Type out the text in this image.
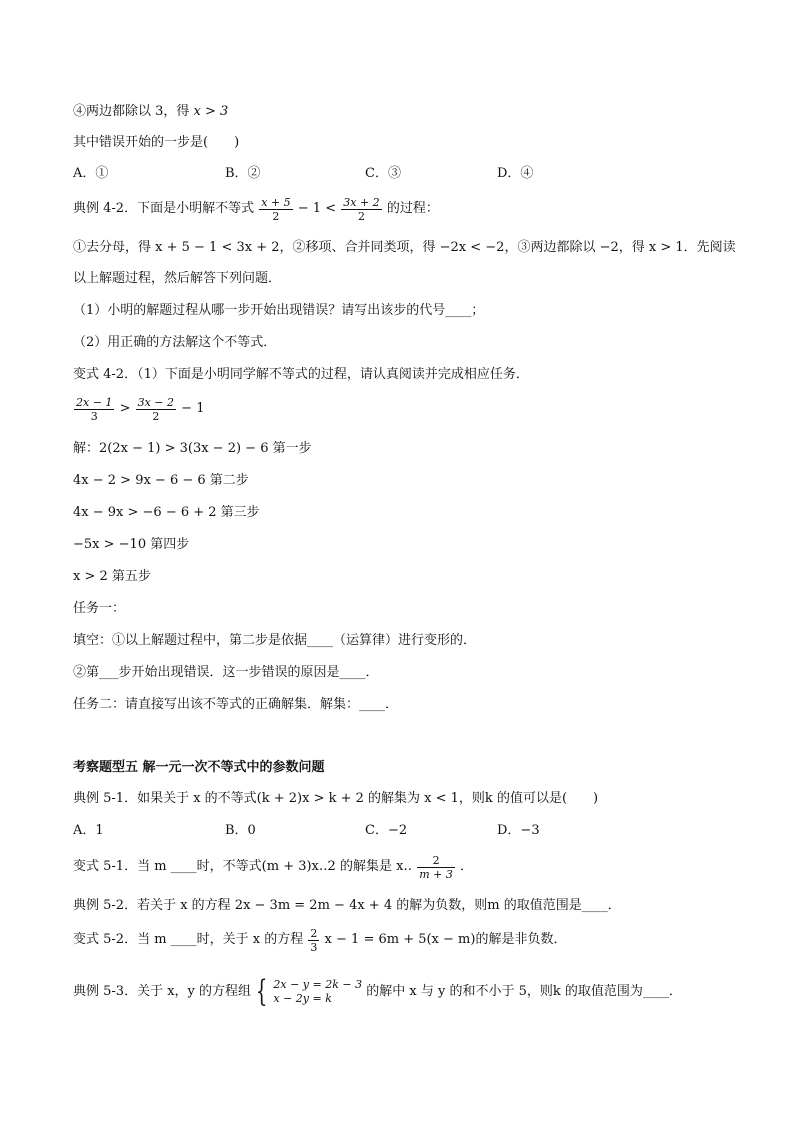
④两边都除以 3，得 x > 3
其中错误开始的一步是(　　)
A．①	B．②	C．③	D．④
典例 4-2．下面是小明解不等式 $\frac{x + 5}{2} - 1 < \frac{3x + 2}{2}$ 的过程：
①去分母，得 x + 5 − 1 < 3x + 2，②移项、合并同类项，得 −2x < −2，③两边都除以 −2，得 x > 1．先阅读
以上解题过程，然后解答下列问题．
（1）小明的解题过程从哪一步开始出现错误？请写出该步的代号____；
（2）用正确的方法解这个不等式．
变式 4-2．（1）下面是小明同学解不等式的过程，请认真阅读并完成相应任务．
$\frac{2x - 1}{3} > \frac{3x - 2}{2} - 1$
解：2(2x − 1) > 3(3x − 2) − 6 第一步
4x − 2 > 9x − 6 − 6 第二步
4x − 9x > −6 − 6 + 2 第三步
−5x > −10 第四步
x > 2 第五步
任务一：
填空：①以上解题过程中，第二步是依据____（运算律）进行变形的．
②第___步开始出现错误．这一步错误的原因是____．
任务二：请直接写出该不等式的正确解集．解集：____．
考察题型五 解一元一次不等式中的参数问题
典例 5-1．如果关于 x 的不等式(k + 2)x > k + 2 的解集为 x < 1，则k 的值可以是(　　)
A．1	B．0	C．−2	D．−3
变式 5-1．当 m ____时，不等式(m + 3)x‥2 的解集是 x‥ $\frac{2}{m + 3}$ ．
典例 5-2．若关于 x 的方程 2x − 3m = 2m − 4x + 4 的解为负数，则m 的取值范围是____．
变式 5-2．当 m ____时，关于 x 的方程 $\frac{2}{3}$ x − 1 = 6m + 5(x − m)的解是非负数．
典例 5-3．关于 x，y 的方程组 { 2x − y = 2k − 3
x − 2y = k	的解中 x 与 y 的和不小于 5，则k 的取值范围为____．
